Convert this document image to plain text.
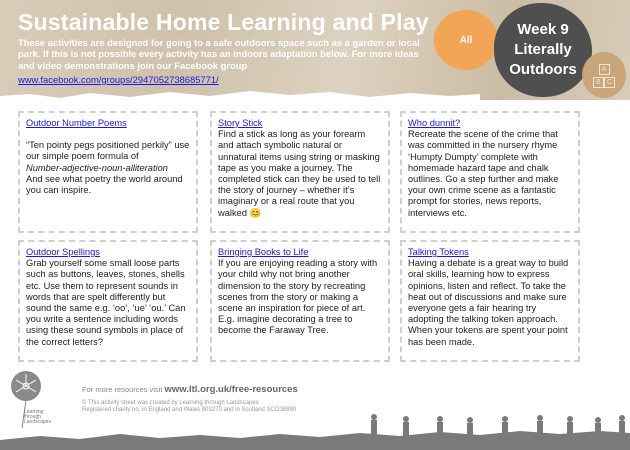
Sustainable Home Learning and Play
These activities are designed for going to a safe outdoors space such as a garden or local park. If this is not possible every activity has an indoors adaptation below. For more ideas and video demonstrations join our Facebook group
www.facebook.com/groups/2947052738685771/
All
Week 9
Literally
Outdoors	A
B C
Outdoor Number Poems
“Ten pointy pegs positioned perkily” use our simple poem formula of
Number-adjective-noun-alliteration
And see what poetry the world around you can inspire.
Story Stick
Find a stick as long as your forearm and attach symbolic natural or unnatural items using string or masking tape as you make a journey. The completed stick can they be used to tell the story of journey – whether it’s imaginary or a real route that you walked 😊
Who dunnit?
Recreate the scene of the crime that was committed in the nursery rhyme ‘Humpty Dumpty’ complete with homemade hazard tape and chalk outlines. Go a step further and make your own crime scene as a fantastic prompt for stories, news reports, interviews etc.
Outdoor Spellings
Grab yourself some small loose parts such as buttons, leaves, stones, shells etc. Use them to represent sounds in words that are spelt differently but sound the same e.g. ‘oo’, ‘ue’ ‘ou.’ Can you write a sentence including words using these sound symbols in place of the correct letters?
Bringing Books to Life
If you are enjoying reading a story with your child why not bring another dimension to the story by recreating scenes from the story or making a scene an inspiration for piece of art. E.g. imagine decorating a tree to become the Faraway Tree.
Talking Tokens
Having a debate is a great way to build oral skills, learning how to express opinions, listen and reflect. To take the heat out of discussions and make sure everyone gets a fair hearing try adopting the talking token approach. When your tokens are spent your point has been made.
Learning through Landscapes
For more resources visit www.ltl.org.uk/free-resources
© This activity sheet was created by Learning through Landscapes
Registered charity no. in England and Wales 803270 and in Scotland SCO38890
